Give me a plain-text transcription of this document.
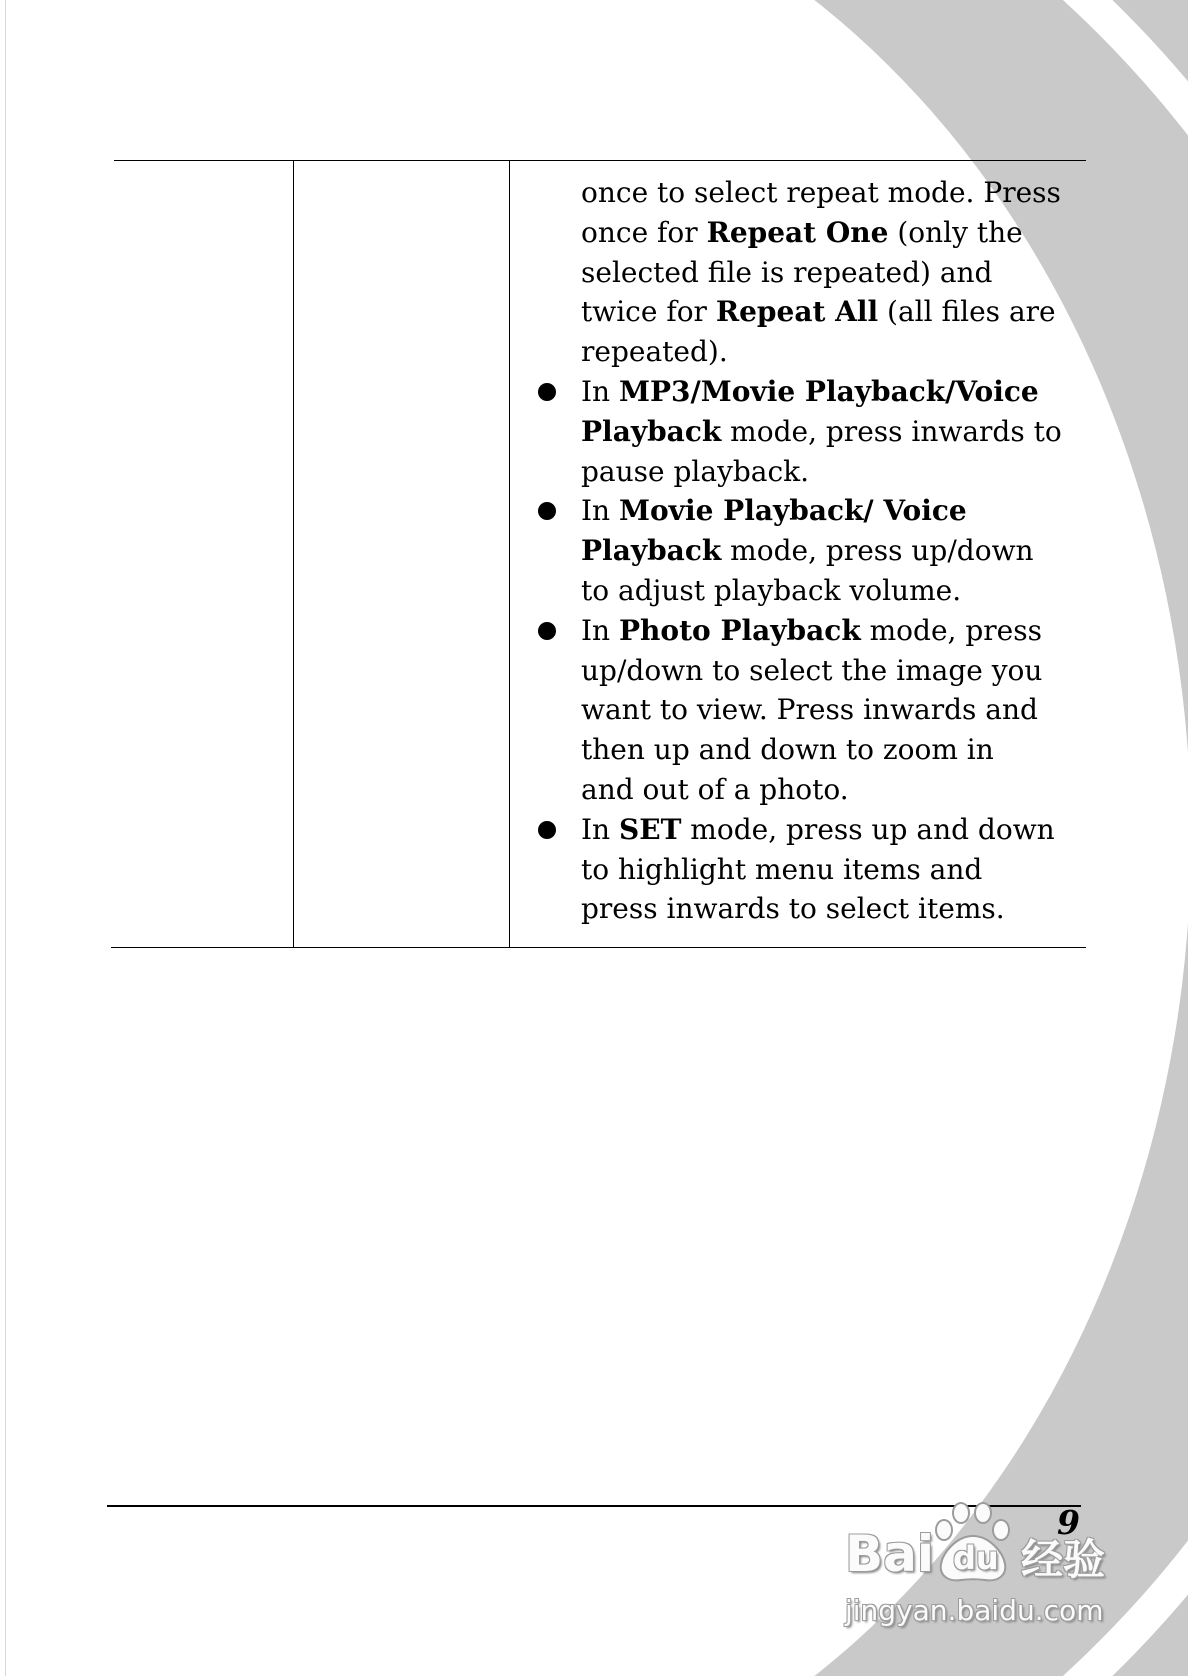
once to select repeat mode. Press
once for Repeat One (only the
selected file is repeated) and
twice for Repeat All (all files are
repeated).
In MP3/Movie Playback/Voice
Playback mode, press inwards to
pause playback.
In Movie Playback/ Voice
Playback mode, press up/down
to adjust playback volume.
In Photo Playback mode, press
up/down to select the image you
want to view. Press inwards and
then up and down to zoom in
and out of a photo.
In SET mode, press up and down
to highlight menu items and
press inwards to select items.
9
Bai du 经验
jingyan.baidu.com
